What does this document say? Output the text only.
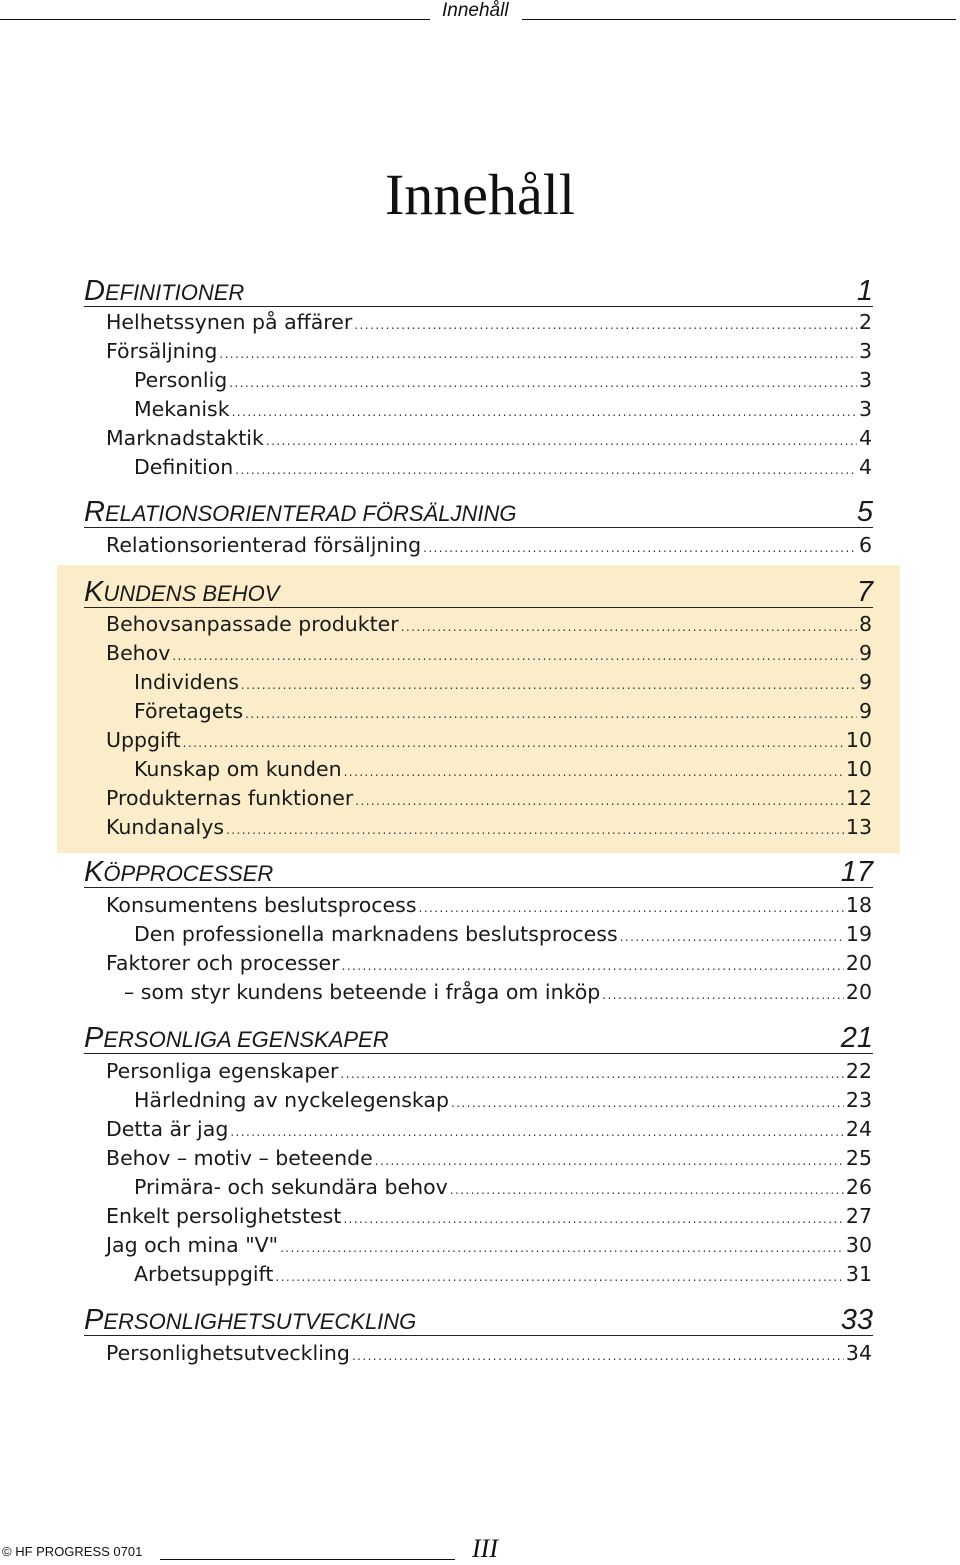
Innehåll
Innehåll
DEFINITIONER	1
Helhetssynen på affärer .....	2
Försäljning .....	3
Personlig .....	3
Mekanisk .....	3
Marknadstaktik .....	4
Definition .....	4
RELATIONSORIENTERAD FÖRSÄLJNING	5
Relationsorienterad försäljning .....	6
KUNDENS BEHOV	7
Behovsanpassade produkter .....	8
Behov .....	9
Individens .....	9
Företagets .....	9
Uppgift .....	10
Kunskap om kunden .....	10
Produkternas funktioner .....	12
Kundanalys .....	13
KÖPPROCESSER	17
Konsumentens beslutsprocess .....	18
Den professionella marknadens beslutsprocess .....	19
Faktorer och processer .....	20
– som styr kundens beteende i fråga om inköp .....	20
PERSONLIGA EGENSKAPER	21
Personliga egenskaper .....	22
Härledning av nyckelegenskap .....	23
Detta är jag .....	24
Behov – motiv – beteende .....	25
Primära- och sekundära behov .....	26
Enkelt persolighetstest .....	27
Jag och mina "V" .....	30
Arbetsuppgift .....	31
PERSONLIGHETSUTVECKLING	33
Personlighetsutveckling .....	34
© HF PROGRESS 0701	III
